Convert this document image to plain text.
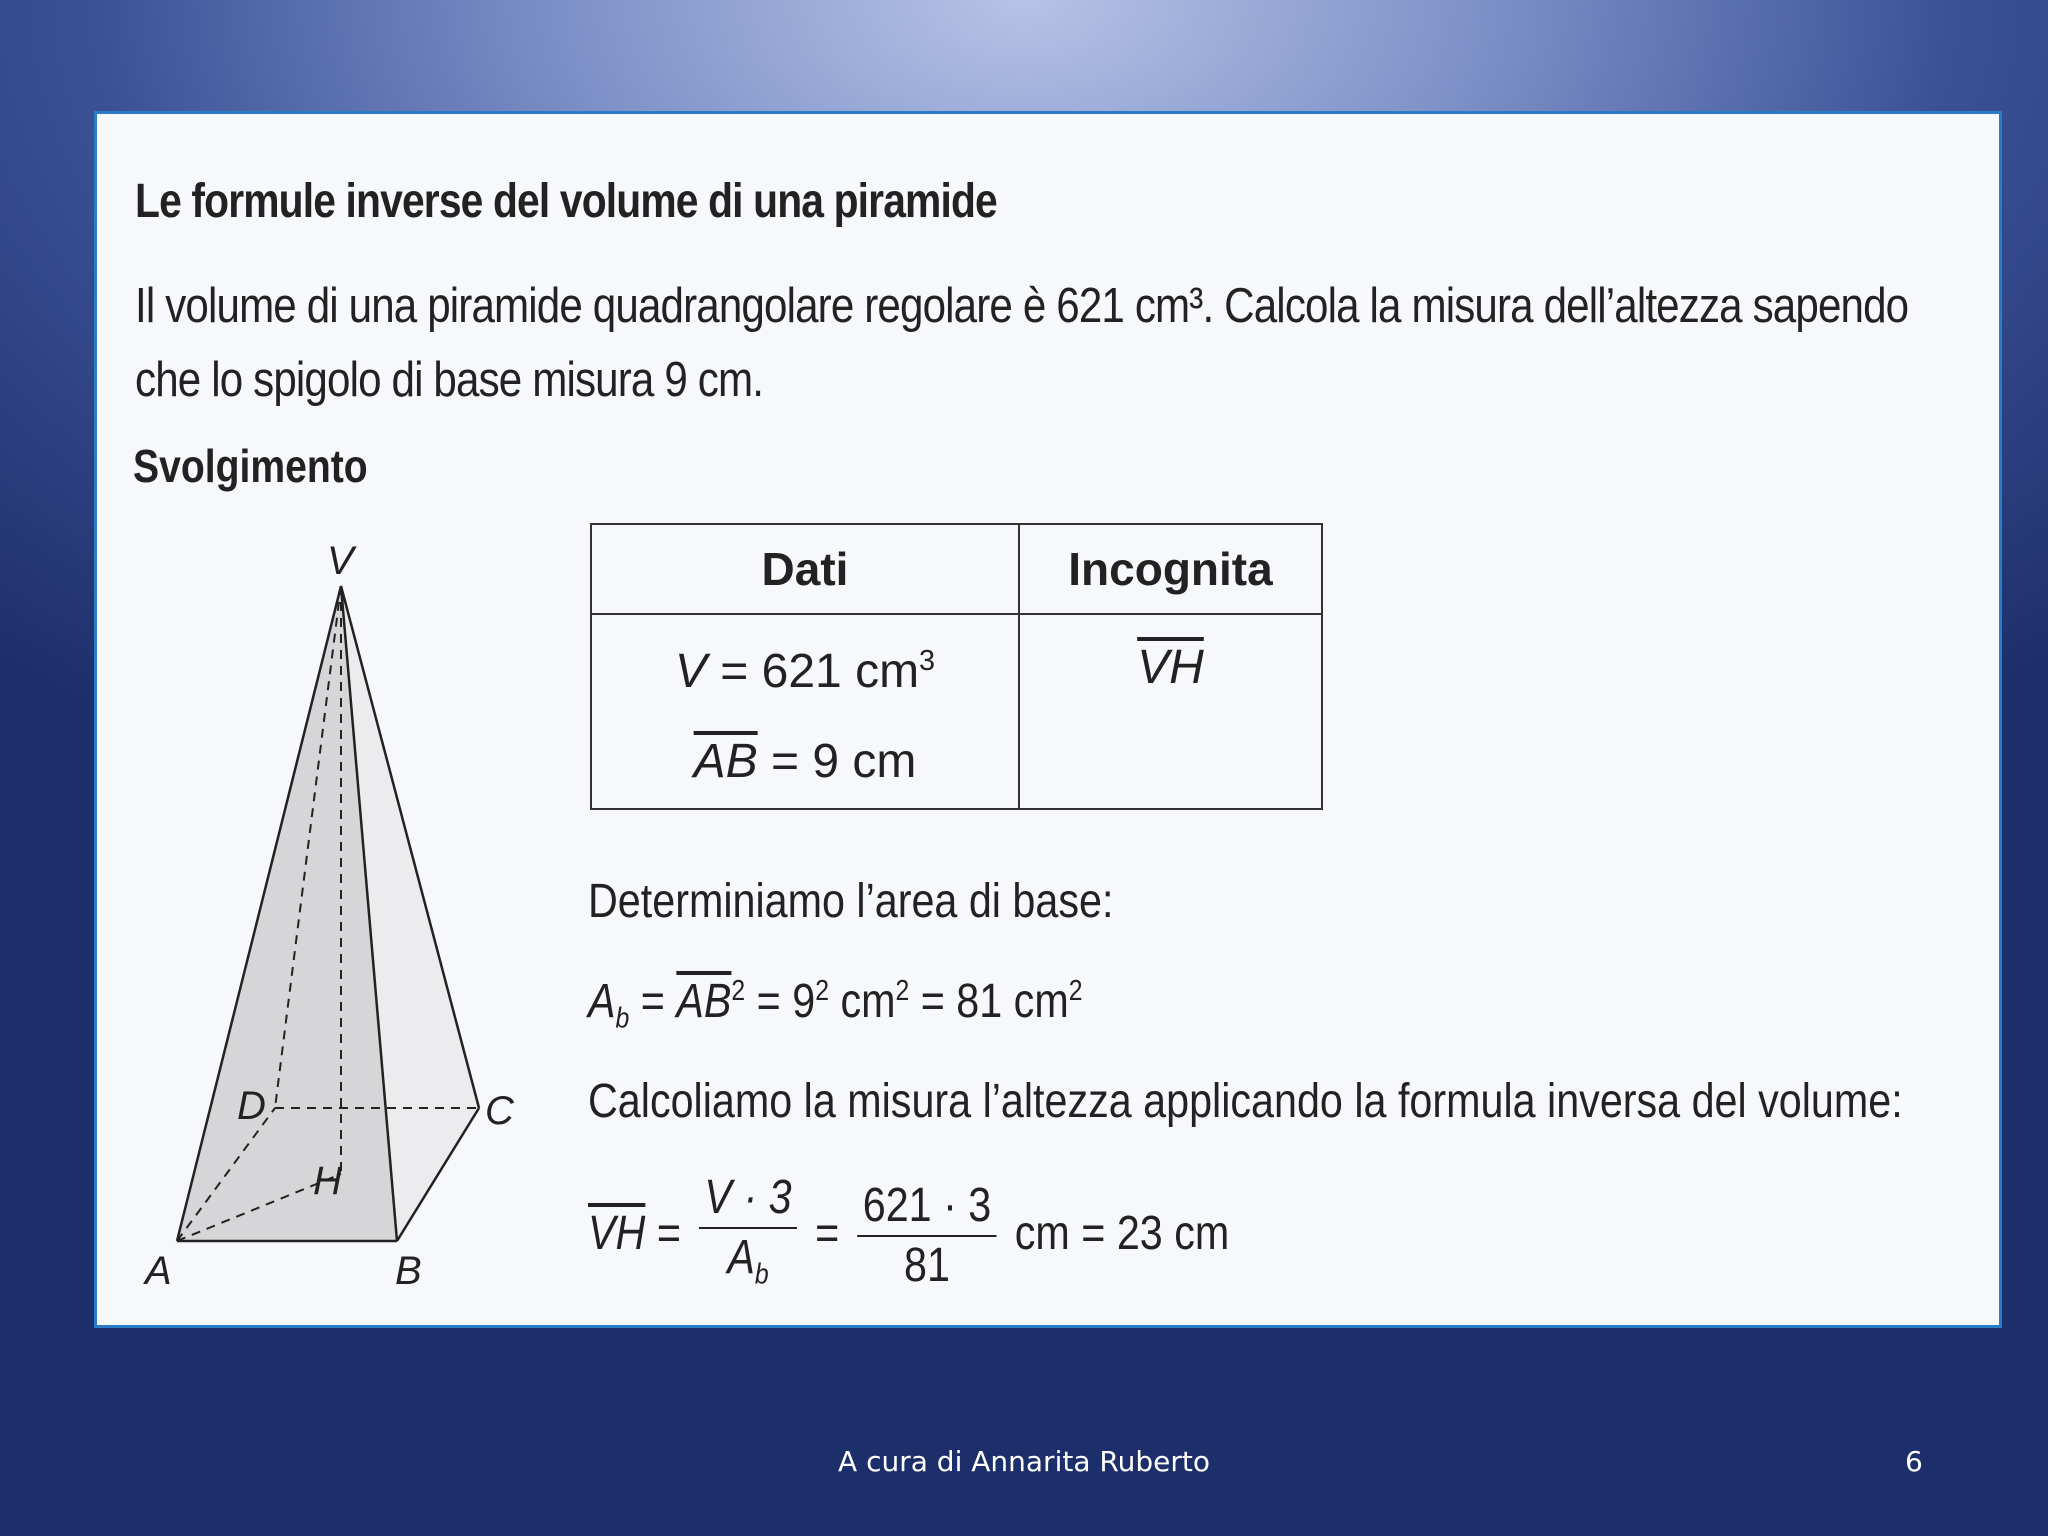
Le formule inverse del volume di una piramide
Il volume di una piramide quadrangolare regolare è 621 cm³. Calcola la misura dell’altezza sapendo
che lo spigolo di base misura 9 cm.
Svolgimento
V
D	C
H
A	B
Dati	Incognita

V = 621 $cm^3$
$\overline{AB} = 9$ cm	$\overline{VH}$
Determiniamo l’area di base:
$A_b = \overline{AB}^2 = 9^2$ $cm^2 = 81$ $cm^2$
Calcoliamo la misura l’altezza applicando la formula inversa del volume:
$\overline{VH} = \frac{V \cdot 3}{A_b} = \frac{621 \cdot 3}{81}$ cm = 23 cm
A cura di Annarita Ruberto	6
